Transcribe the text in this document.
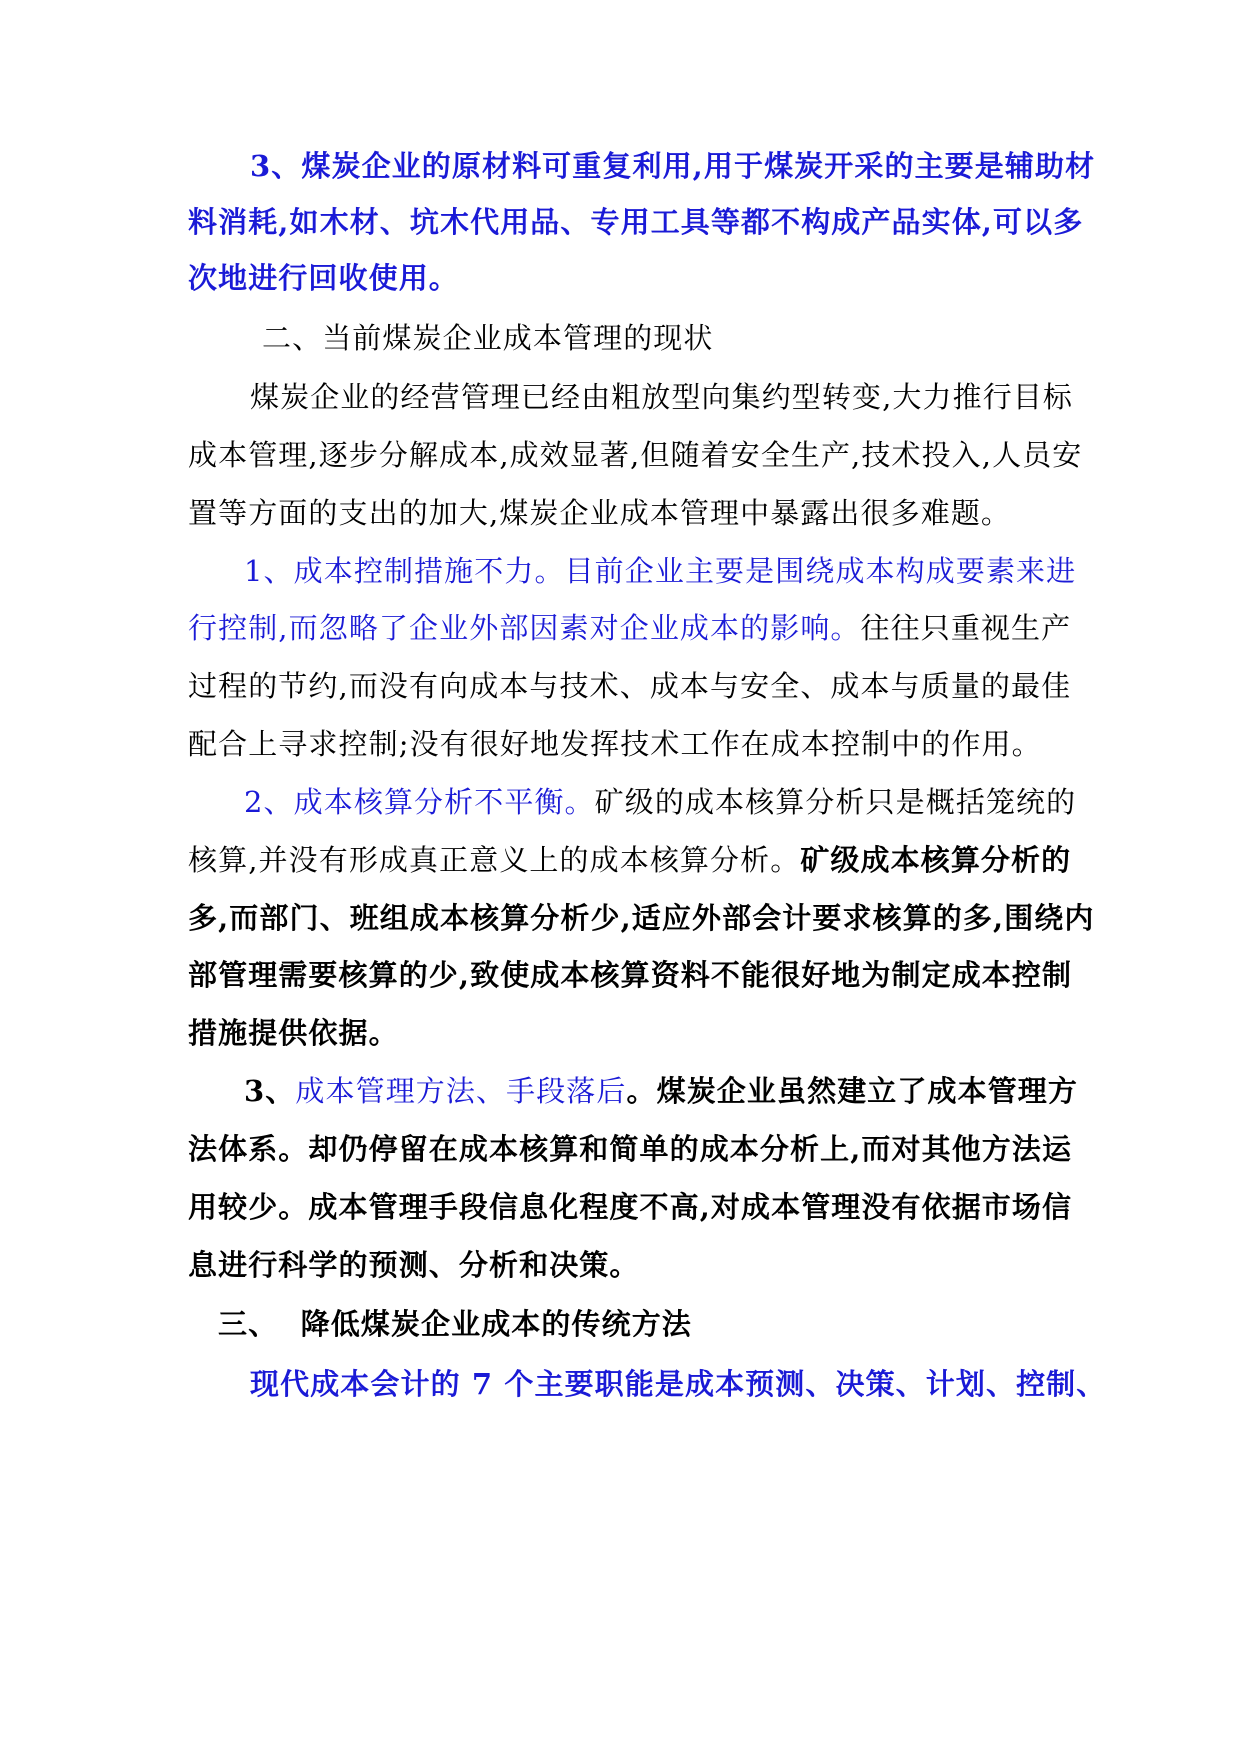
3、煤炭企业的原材料可重复利用,用于煤炭开采的主要是辅助材
料消耗,如木材、坑木代用品、专用工具等都不构成产品实体,可以多
次地进行回收使用。
二、当前煤炭企业成本管理的现状
煤炭企业的经营管理已经由粗放型向集约型转变,大力推行目标
成本管理,逐步分解成本,成效显著,但随着安全生产,技术投入,人员安
置等方面的支出的加大,煤炭企业成本管理中暴露出很多难题。
1、成本控制措施不力。目前企业主要是围绕成本构成要素来进
行控制,而忽略了企业外部因素对企业成本的影响。往往只重视生产
过程的节约,而没有向成本与技术、成本与安全、成本与质量的最佳
配合上寻求控制;没有很好地发挥技术工作在成本控制中的作用。
2、成本核算分析不平衡。矿级的成本核算分析只是概括笼统的
核算,并没有形成真正意义上的成本核算分析。矿级成本核算分析的
多,而部门、班组成本核算分析少,适应外部会计要求核算的多,围绕内
部管理需要核算的少,致使成本核算资料不能很好地为制定成本控制
措施提供依据。
3、成本管理方法、手段落后。煤炭企业虽然建立了成本管理方
法体系。却仍停留在成本核算和简单的成本分析上,而对其他方法运
用较少。成本管理手段信息化程度不高,对成本管理没有依据市场信
息进行科学的预测、分析和决策。
三、  降低煤炭企业成本的传统方法
现代成本会计的 7 个主要职能是成本预测、决策、计划、控制、
